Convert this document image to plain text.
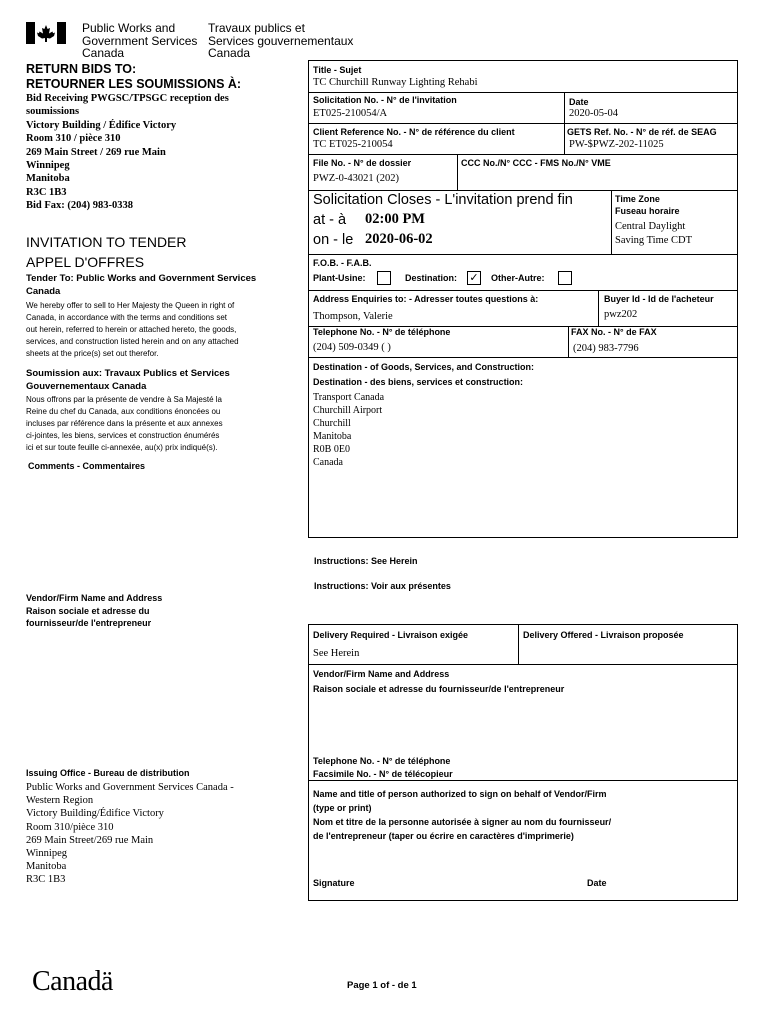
Public Works and
Government Services
Canada
Travaux publics et
Services gouvernementaux
Canada
RETURN BIDS TO:
RETOURNER LES SOUMISSIONS À:
Bid Receiving PWGSC/TPSGC reception des
soumissions
Victory Building / Édifice Victory
Room 310 / pièce 310
269 Main Street / 269 rue Main
Winnipeg
Manitoba
R3C 1B3
Bid Fax: (204) 983-0338
INVITATION TO TENDER
APPEL D'OFFRES
Tender To: Public Works and Government Services
Canada
We hereby offer to sell to Her Majesty the Queen in right of
Canada, in accordance with the terms and conditions set
out herein, referred to herein or attached hereto, the goods,
services, and construction listed herein and on any attached
sheets at the price(s) set out therefor.
Soumission aux: Travaux Publics et Services
Gouvernementaux Canada
Nous offrons par la présente de vendre à Sa Majesté la
Reine du chef du Canada, aux conditions énoncées ou
incluses par référence dans la présente et aux annexes
ci-jointes, les biens, services et construction énumérés
ici et sur toute feuille ci-annexée, au(x) prix indiqué(s).
Comments - Commentaires
Vendor/Firm Name and Address
Raison sociale et adresse du
fournisseur/de l'entrepreneur
Issuing Office - Bureau de distribution
Public Works and Government Services Canada -
Western Region
Victory Building/Édifice Victory
Room 310/pièce 310
269 Main Street/269 rue Main
Winnipeg
Manitoba
R3C 1B3
Title - Sujet
TC Churchill Runway Lighting Rehabi
Solicitation No. - N° de l'invitation
ET025-210054/A
Date
2020-05-04
Client Reference No. - N° de référence du client
TC ET025-210054
GETS Ref. No. - N° de réf. de SEAG
PW-$PWZ-202-11025
File No. - N° de dossier
PWZ-0-43021 (202)
CCC No./N° CCC - FMS No./N° VME
Solicitation Closes - L'invitation prend fin
at - à 02:00 PM
on - le 2020-06-02
Time Zone
Fuseau horaire
Central Daylight
Saving Time CDT
F.O.B. - F.A.B.
Plant-Usine:	Destination: ✓ Other-Autre:
Address Enquiries to: - Adresser toutes questions à:
Thompson, Valerie
Buyer Id - Id de l'acheteur
pwz202
Telephone No. - N° de téléphone
(204) 509-0349 ( )
FAX No. - N° de FAX
(204) 983-7796
Destination - of Goods, Services, and Construction:
Destination - des biens, services et construction:
Transport Canada
Churchill Airport
Churchill
Manitoba
R0B 0E0
Canada
Instructions: See Herein
Instructions: Voir aux présentes
Delivery Required - Livraison exigée
See Herein
Delivery Offered - Livraison proposée
Vendor/Firm Name and Address
Raison sociale et adresse du fournisseur/de l'entrepreneur
Telephone No. - N° de téléphone
Facsimile No. - N° de télécopieur
Name and title of person authorized to sign on behalf of Vendor/Firm
(type or print)
Nom et titre de la personne autorisée à signer au nom du fournisseur/
de l'entrepreneur (taper ou écrire en caractères d'imprimerie)
Signature	Date
Canadä	Page 1 of - de 1
